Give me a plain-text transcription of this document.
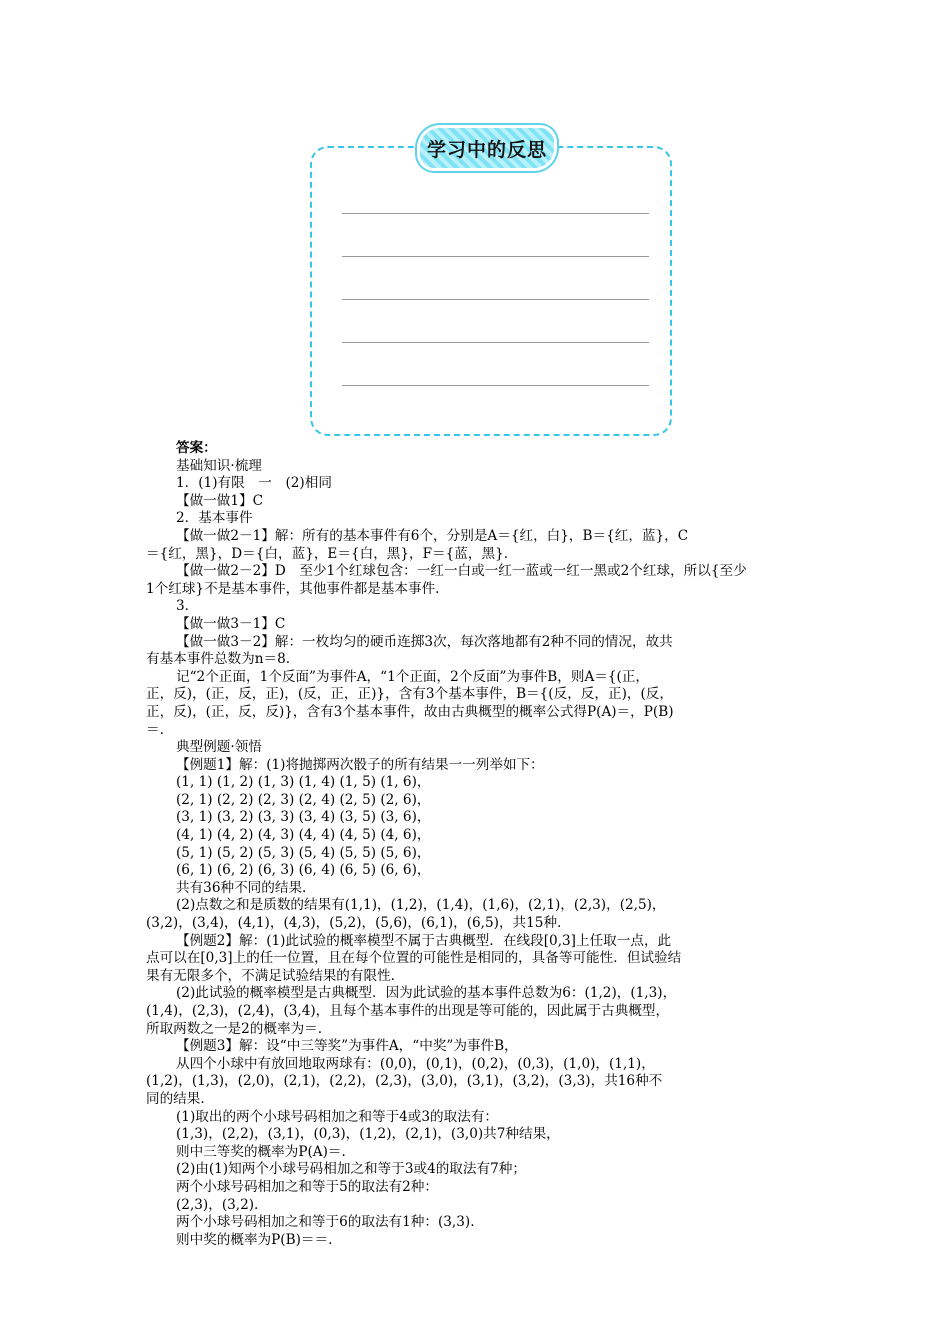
学习中的反思

答案：

基础知识·梳理

1．(1)有限　一　(2)相同

【做一做1】C

2．基本事件

【做一做2－1】解：所有的基本事件有6个，分别是A＝{红，白}，B＝{红，蓝}，C

＝{红，黑}，D＝{白，蓝}，E＝{白，黑}，F＝{蓝，黑}.

【做一做2－2】D　至少1个红球包含：一红一白或一红一蓝或一红一黑或2个红球，所以{至少

1个红球}不是基本事件，其他事件都是基本事件.

3．

【做一做3－1】C

【做一做3－2】解：一枚均匀的硬币连掷3次，每次落地都有2种不同的情况，故共

有基本事件总数为n＝8.

记“2个正面，1个反面”为事件A，“1个正面，2个反面”为事件B，则A＝{(正，

正，反)，(正，反，正)，(反，正，正)}，含有3个基本事件，B＝{(反，反，正)，(反，

正，反)，(正，反，反)}，含有3个基本事件，故由古典概型的概率公式得P(A)＝，P(B)

＝.

典型例题·领悟

【例题1】解：(1)将抛掷两次骰子的所有结果一一列举如下：

(1, 1) (1, 2) (1, 3) (1, 4) (1, 5) (1, 6)，

(2, 1) (2, 2) (2, 3) (2, 4) (2, 5) (2, 6)，

(3, 1) (3, 2) (3, 3) (3, 4) (3, 5) (3, 6)，

(4, 1) (4, 2) (4, 3) (4, 4) (4, 5) (4, 6)，

(5, 1) (5, 2) (5, 3) (5, 4) (5, 5) (5, 6)，

(6, 1) (6, 2) (6, 3) (6, 4) (6, 5) (6, 6)，

共有36种不同的结果.

(2)点数之和是质数的结果有(1,1)，(1,2)，(1,4)，(1,6)，(2,1)，(2,3)，(2,5)，

(3,2)，(3,4)，(4,1)，(4,3)，(5,2)，(5,6)，(6,1)，(6,5)，共15种.

【例题2】解：(1)此试验的概率模型不属于古典概型．在线段[0,3]上任取一点，此

点可以在[0,3]上的任一位置，且在每个位置的可能性是相同的，具备等可能性．但试验结

果有无限多个，不满足试验结果的有限性.

(2)此试验的概率模型是古典概型．因为此试验的基本事件总数为6：(1,2)，(1,3)，

(1,4)，(2,3)，(2,4)，(3,4)，且每个基本事件的出现是等可能的，因此属于古典概型，

所取两数之一是2的概率为＝.

【例题3】解：设“中三等奖”为事件A，“中奖”为事件B，

从四个小球中有放回地取两球有：(0,0)，(0,1)，(0,2)，(0,3)，(1,0)，(1,1)，

(1,2)，(1,3)，(2,0)，(2,1)，(2,2)，(2,3)，(3,0)，(3,1)，(3,2)，(3,3)，共16种不

同的结果.

(1)取出的两个小球号码相加之和等于4或3的取法有：

(1,3)，(2,2)，(3,1)，(0,3)，(1,2)，(2,1)，(3,0)共7种结果，

则中三等奖的概率为P(A)＝.

(2)由(1)知两个小球号码相加之和等于3或4的取法有7种；

两个小球号码相加之和等于5的取法有2种：

(2,3)，(3,2).

两个小球号码相加之和等于6的取法有1种：(3,3).

则中奖的概率为P(B)＝＝.
